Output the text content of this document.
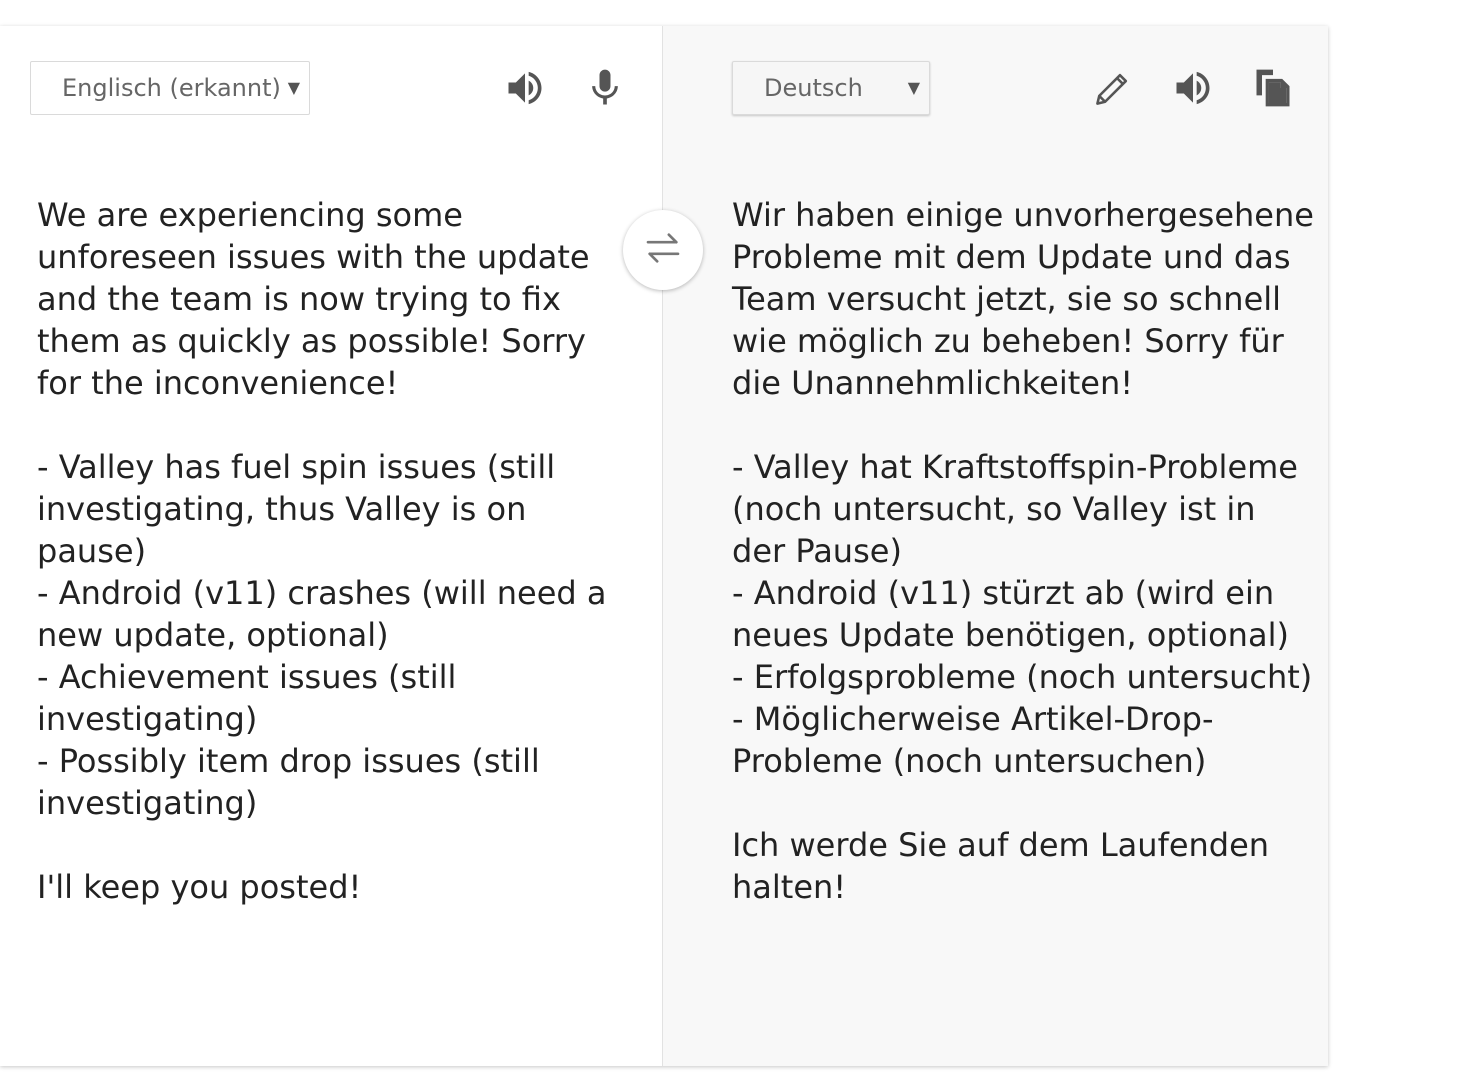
Englisch (erkannt) ▼
We are experiencing some unforeseen issues with the update and the team is now trying to fix them as quickly as possible! Sorry for the inconvenience!

- Valley has fuel spin issues (still investigating, thus Valley is on pause)
- Android (v11) crashes (will need a new update, optional)
- Achievement issues (still investigating)
- Possibly item drop issues (still investigating)

I'll keep you posted!
Deutsch	▼
Wir haben einige unvorhergesehene Probleme mit dem Update und das Team versucht jetzt, sie so schnell wie möglich zu beheben! Sorry für die Unannehmlichkeiten!

- Valley hat Kraftstoffspin-Probleme (noch untersucht, so Valley ist in der Pause)
- Android (v11) stürzt ab (wird ein neues Update benötigen, optional)
- Erfolgsprobleme (noch untersucht)
- Möglicherweise Artikel-Drop-Probleme (noch untersuchen)

Ich werde Sie auf dem Laufenden halten!
